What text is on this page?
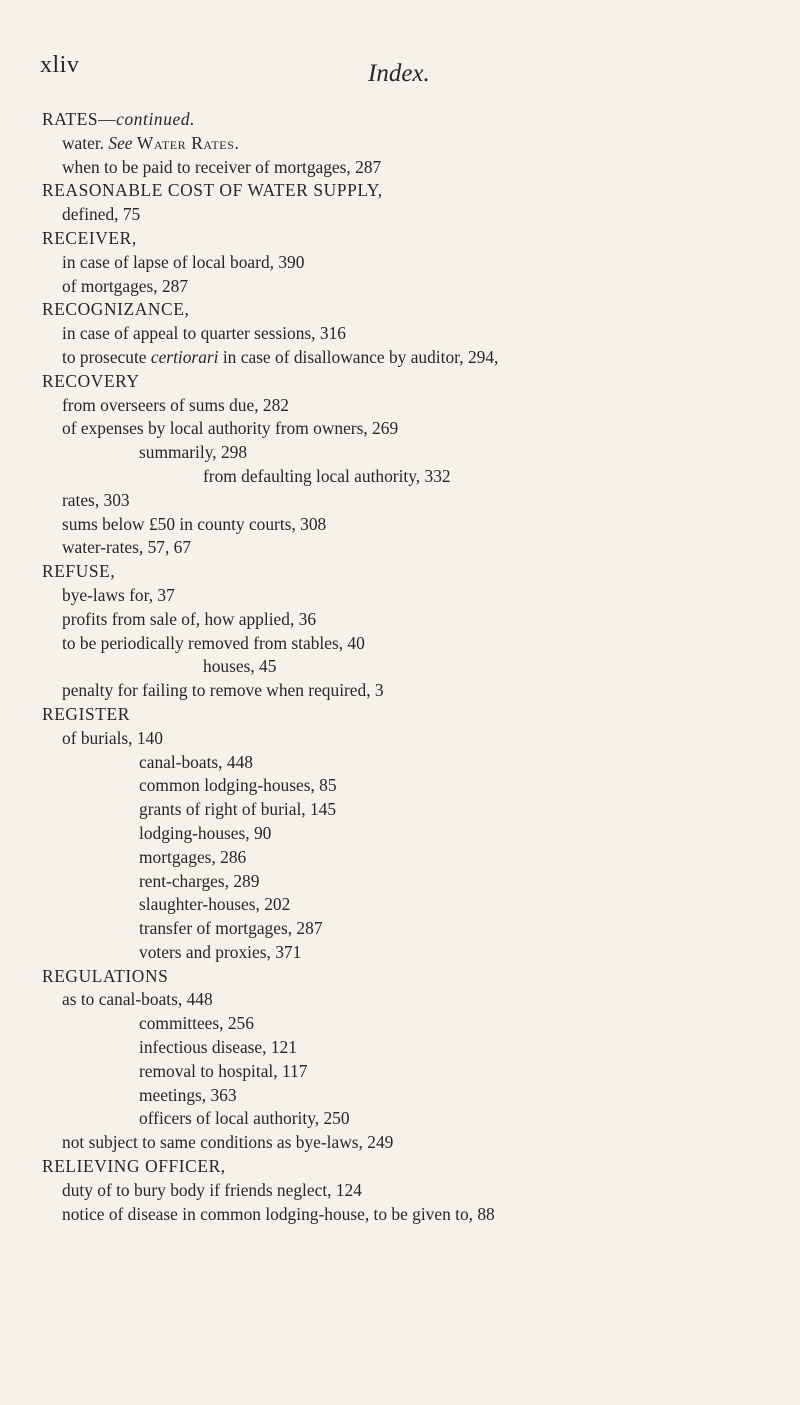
xliv	Index.
RATES—continued.
water. See Water Rates.
when to be paid to receiver of mortgages, 287
REASONABLE COST OF WATER SUPPLY,
defined, 75
RECEIVER,
in case of lapse of local board, 390
of mortgages, 287
RECOGNIZANCE,
in case of appeal to quarter sessions, 316
to prosecute certiorari in case of disallowance by auditor, 294,
RECOVERY
from overseers of sums due, 282
of expenses by local authority from owners, 269
summarily, 298
from defaulting local authority, 332
rates, 303
sums below £50 in county courts, 308
water-rates, 57, 67
REFUSE,
bye-laws for, 37
profits from sale of, how applied, 36
to be periodically removed from stables, 40
houses, 45
penalty for failing to remove when required, 3
REGISTER
of burials, 140
canal-boats, 448
common lodging-houses, 85
grants of right of burial, 145
lodging-houses, 90
mortgages, 286
rent-charges, 289
slaughter-houses, 202
transfer of mortgages, 287
voters and proxies, 371
REGULATIONS
as to canal-boats, 448
committees, 256
infectious disease, 121
removal to hospital, 117
meetings, 363
officers of local authority, 250
not subject to same conditions as bye-laws, 249
RELIEVING OFFICER,
duty of to bury body if friends neglect, 124
notice of disease in common lodging-house, to be given to, 88
